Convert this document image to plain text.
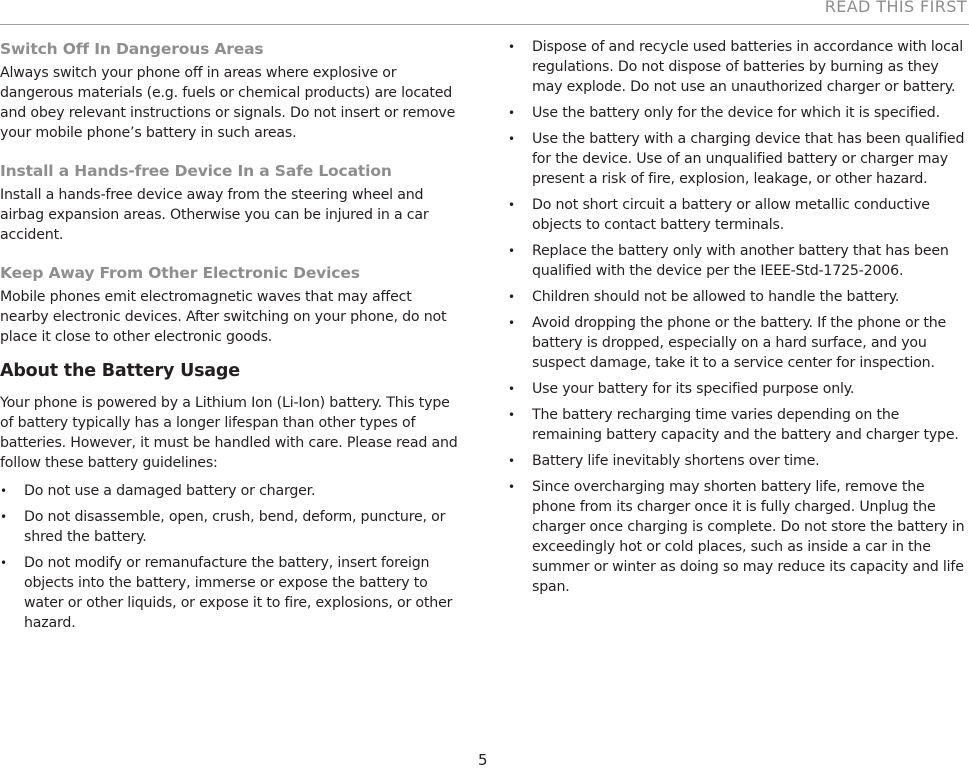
READ THIS FIRST
Switch Off In Dangerous Areas

Always switch your phone off in areas where explosive or dangerous materials (e.g. fuels or chemical products) are located and obey relevant instructions or signals. Do not insert or remove your mobile phone’s battery in such areas.

Install a Hands-free Device In a Safe Location

Install a hands-free device away from the steering wheel and airbag expansion areas. Otherwise you can be injured in a car accident.

Keep Away From Other Electronic Devices

Mobile phones emit electromagnetic waves that may affect nearby electronic devices. After switching on your phone, do not place it close to other electronic goods.

About the Battery Usage

Your phone is powered by a Lithium Ion (Li-Ion) battery. This type of battery typically has a longer lifespan than other types of batteries. However, it must be handled with care. Please read and follow these battery guidelines:

• Do not use a damaged battery or charger.
• Do not disassemble, open, crush, bend, deform, puncture, or shred the battery.
• Do not modify or remanufacture the battery, insert foreign objects into the battery, immerse or expose the battery to water or other liquids, or expose it to fire, explosions, or other hazard.
• Dispose of and recycle used batteries in accordance with local regulations. Do not dispose of batteries by burning as they may explode. Do not use an unauthorized charger or battery.
• Use the battery only for the device for which it is specified.
• Use the battery with a charging device that has been qualified for the device. Use of an unqualified battery or charger may present a risk of fire, explosion, leakage, or other hazard.
• Do not short circuit a battery or allow metallic conductive objects to contact battery terminals.
• Replace the battery only with another battery that has been qualified with the device per the IEEE-Std-1725-2006.
• Children should not be allowed to handle the battery.
• Avoid dropping the phone or the battery. If the phone or the battery is dropped, especially on a hard surface, and you suspect damage, take it to a service center for inspection.
• Use your battery for its specified purpose only.
• The battery recharging time varies depending on the remaining battery capacity and the battery and charger type.
• Battery life inevitably shortens over time.
• Since overcharging may shorten battery life, remove the phone from its charger once it is fully charged. Unplug the charger once charging is complete. Do not store the battery in exceedingly hot or cold places, such as inside a car in the summer or winter as doing so may reduce its capacity and life span.
5
